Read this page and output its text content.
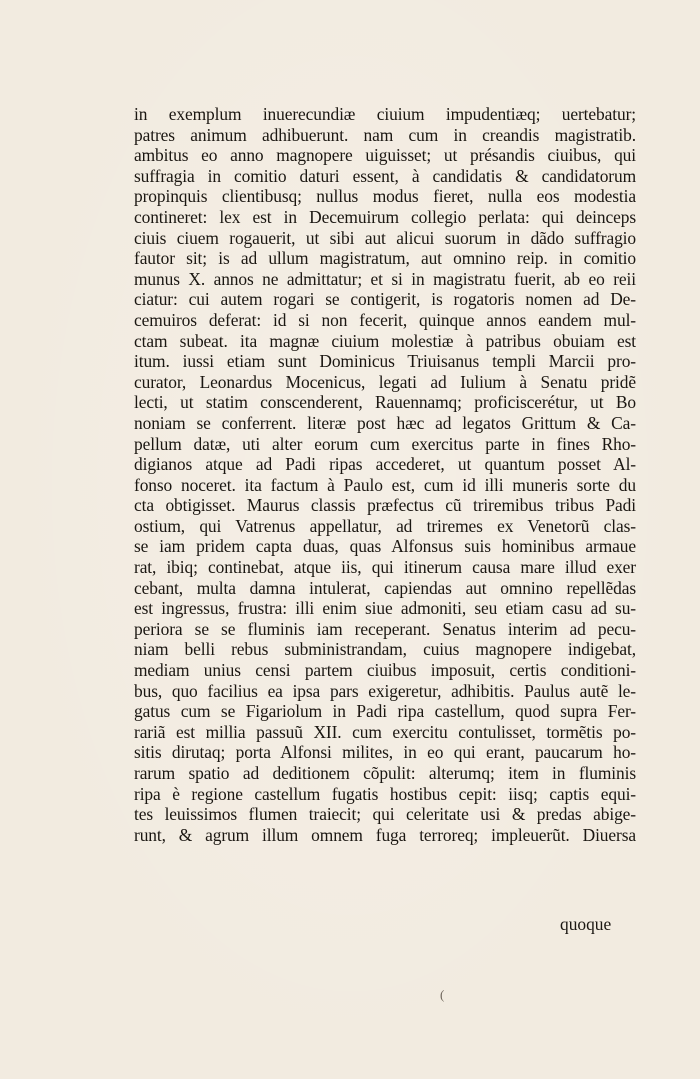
in exemplum inuerecundiæ ciuium impudentiæq; uertebatur;
patres animum adhibuerunt. nam cum in creandis magistratib.
ambitus eo anno magnopere uiguisset; ut présandis ciuibus, qui
suffragia in comitio daturi essent, à candidatis & candidatorum
propinquis clientibusq; nullus modus fieret, nulla eos modestia
contineret: lex est in Decemuirum collegio perlata: qui deinceps
ciuis ciuem rogauerit, ut sibi aut alicui suorum in dãdo suffragio
fautor sit; is ad ullum magistratum, aut omnino reip. in comitio
munus X. annos ne admittatur; et si in magistratu fuerit, ab eo reii
ciatur: cui autem rogari se contigerit, is rogatoris nomen ad De-
cemuiros deferat: id si non fecerit, quinque annos eandem mul-
ctam subeat. ita magnæ ciuium molestiæ à patribus obuiam est
itum. iussi etiam sunt Dominicus Triuisanus templi Marcii pro-
curator, Leonardus Mocenicus, legati ad Iulium à Senatu pridẽ
lecti, ut statim conscenderent, Rauennamq; proficiscerétur, ut Bo
noniam se conferrent. literæ post hæc ad legatos Grittum & Ca-
pellum datæ, uti alter eorum cum exercitus parte in fines Rho-
digianos atque ad Padi ripas accederet, ut quantum posset Al-
fonso noceret. ita factum à Paulo est, cum id illi muneris sorte du
cta obtigisset. Maurus classis præfectus cũ triremibus tribus Padi
ostium, qui Vatrenus appellatur, ad triremes ex Venetorũ clas-
se iam pridem capta duas, quas Alfonsus suis hominibus armaue
rat, ibiq; continebat, atque iis, qui itinerum causa mare illud exer
cebant, multa damna intulerat, capiendas aut omnino repellẽdas
est ingressus, frustra: illi enim siue admoniti, seu etiam casu ad su-
periora se se fluminis iam receperant. Senatus interim ad pecu-
niam belli rebus subministrandam, cuius magnopere indigebat,
mediam unius censi partem ciuibus imposuit, certis conditioni-
bus, quo facilius ea ipsa pars exigeretur, adhibitis. Paulus autẽ le-
gatus cum se Figariolum in Padi ripa castellum, quod supra Fer-
rariã est millia passuũ XII. cum exercitu contulisset, tormẽtis po-
sitis dirutaq; porta Alfonsi milites, in eo qui erant, paucarum ho-
rarum spatio ad deditionem cõpulit: alterumq; item in fluminis
ripa è regione castellum fugatis hostibus cepit: iisq; captis equi-
tes leuissimos flumen traiecit; qui celeritate usi & predas abige-
runt, & agrum illum omnem fuga terroreq; impleuerũt. Diuersa
quoque
(
